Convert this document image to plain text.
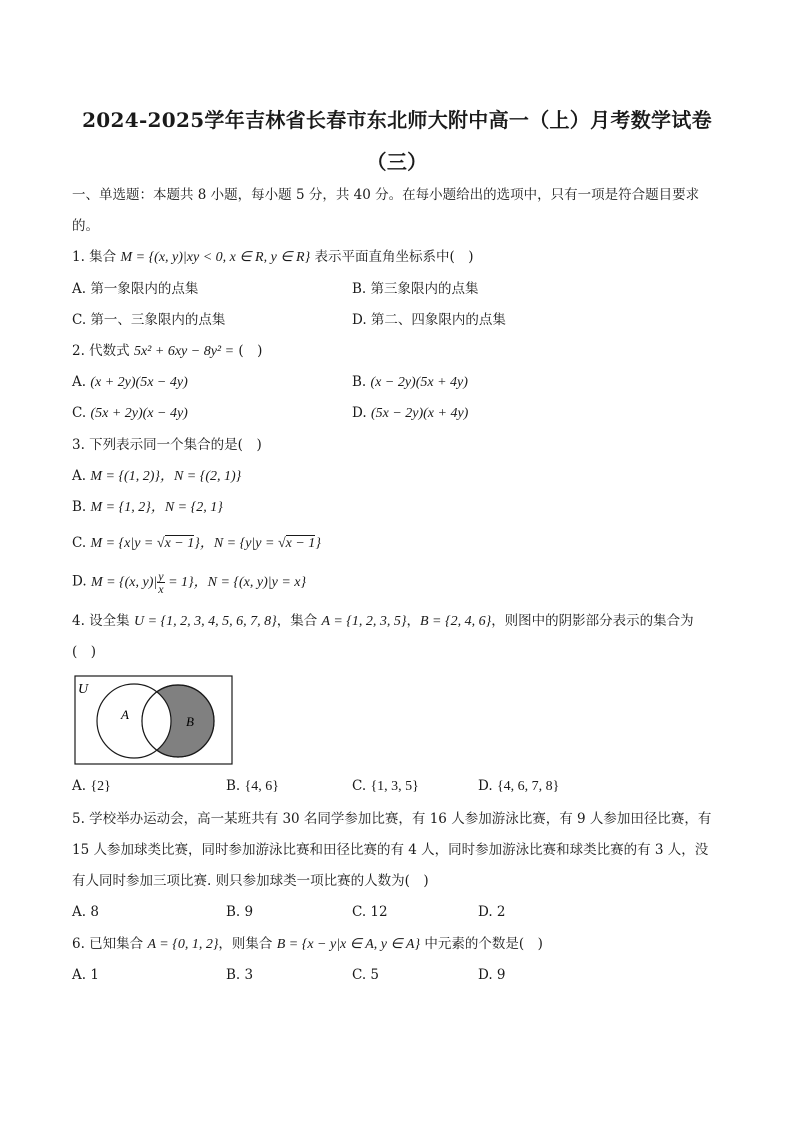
2024-2025学年吉林省长春市东北师大附中高一（上）月考数学试卷
（三）
一、单选题：本题共 8 小题，每小题 5 分，共 40 分。在每小题给出的选项中，只有一项是符合题目要求
的。
1. 集合 M = {(x, y)|xy < 0, x ∈ R, y ∈ R} 表示平面直角坐标系中(　)
A. 第一象限内的点集	B. 第三象限内的点集
C. 第一、三象限内的点集	D. 第二、四象限内的点集
2. 代数式 5x² + 6xy − 8y² = (　)
A. (x + 2y)(5x − 4y)	B. (x − 2y)(5x + 4y)
C. (5x + 2y)(x − 4y)	D. (5x − 2y)(x + 4y)
3. 下列表示同一个集合的是(　)
A. M = {(1, 2)}，N = {(2, 1)}
B. M = {1, 2}，N = {2, 1}
C. M = {x|y = √x − 1}，N = {y|y = √x − 1}
D. M = {(x, $y)| \frac{y}{x} = 1$}，N = {(x, y)|y = x}
4. 设全集 U = {1, 2, 3, 4, 5, 6, 7, 8}，集合 A = {1, 2, 3, 5}，B = {2, 4, 6}，则图中的阴影部分表示的集合为
(　)
U
A	B
A. {2}	B. {4, 6}	C. {1, 3, 5}	D. {4, 6, 7, 8}
5. 学校举办运动会，高一某班共有 30 名同学参加比赛，有 16 人参加游泳比赛，有 9 人参加田径比赛，有
15 人参加球类比赛，同时参加游泳比赛和田径比赛的有 4 人，同时参加游泳比赛和球类比赛的有 3 人，没
有人同时参加三项比赛. 则只参加球类一项比赛的人数为(　)
A. 8	B. 9	C. 12	D. 2
6. 已知集合 A = {0, 1, 2}，则集合 B = {x − y|x ∈ A, y ∈ A} 中元素的个数是(　)
A. 1	B. 3	C. 5	D. 9
